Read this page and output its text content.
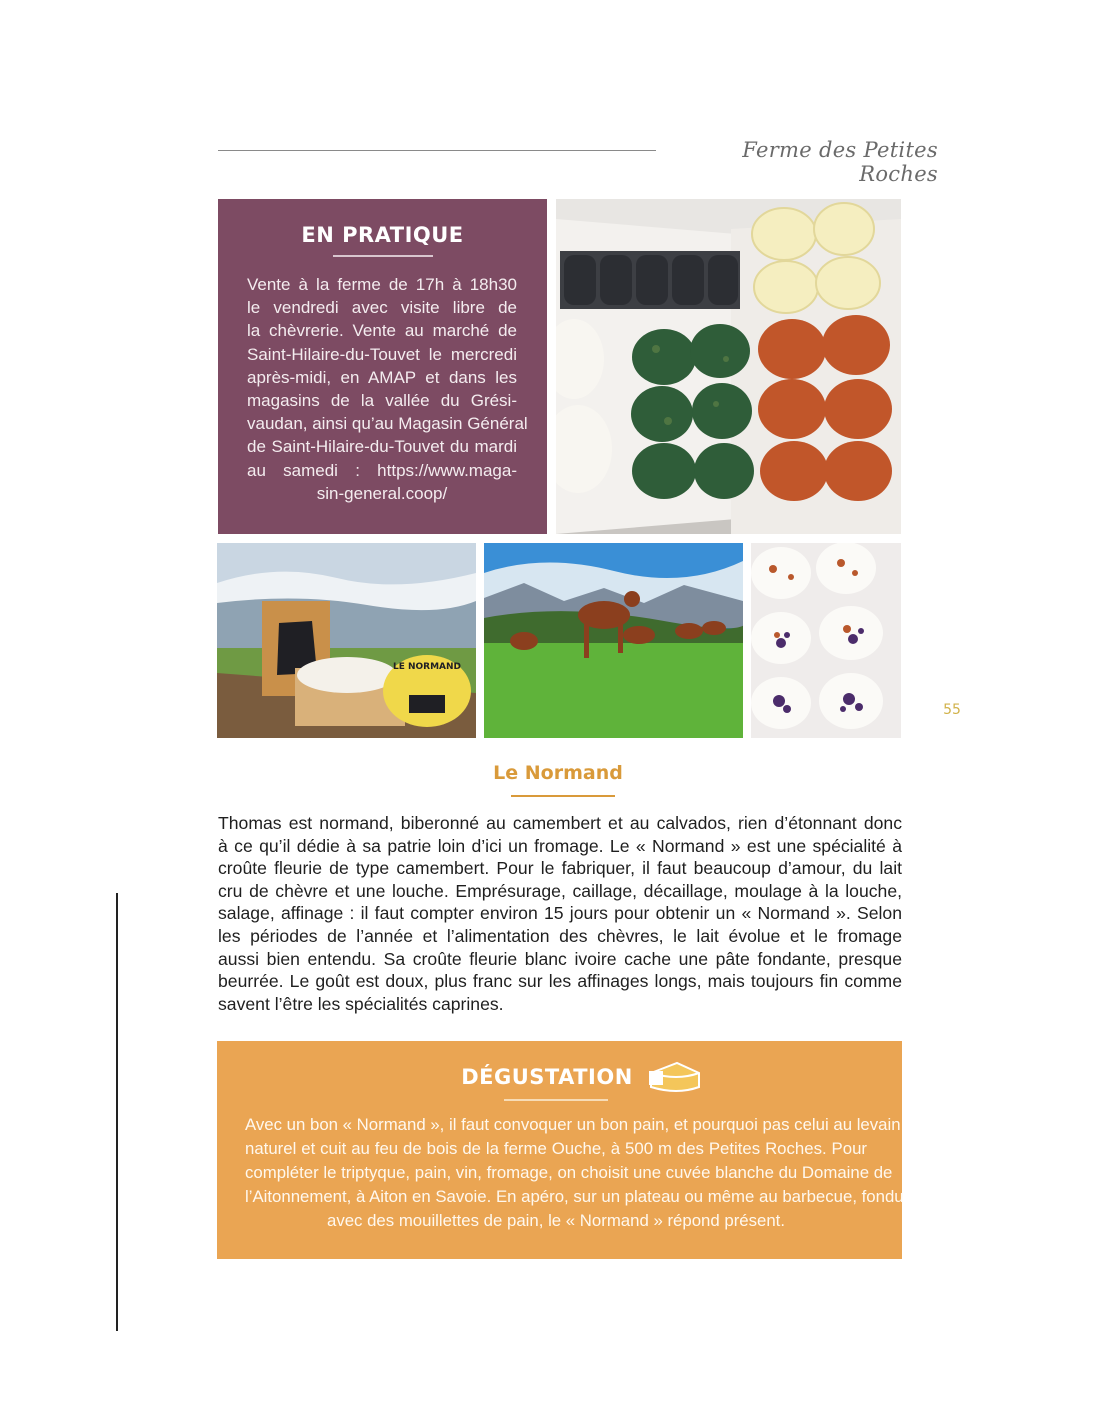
Ferme des Petites Roches
EN PRATIQUE

Vente à la ferme de 17h à 18h30
le vendredi avec visite libre de
la chèvrerie. Vente au marché de
Saint-Hilaire-du-Touvet le mercredi
après-midi, en AMAP et dans les
magasins de la vallée du Grési-
vaudan, ainsi qu’au Magasin Général
de Saint-Hilaire-du-Touvet du mardi
au samedi : https://www.maga-
sin-general.coop/

LE NORMAND
55
Le Normand

Thomas est normand, biberonné au camembert et au calvados, rien d’étonnant donc
à ce qu’il dédie à sa patrie loin d’ici un fromage. Le « Normand » est une spécialité à
croûte fleurie de type camembert. Pour le fabriquer, il faut beaucoup d’amour, du lait
cru de chèvre et une louche. Emprésurage, caillage, décaillage, moulage à la louche,
salage, affinage : il faut compter environ 15 jours pour obtenir un « Normand ». Selon
les périodes de l’année et l’alimentation des chèvres, le lait évolue et le fromage
aussi bien entendu. Sa croûte fleurie blanc ivoire cache une pâte fondante, presque
beurrée. Le goût est doux, plus franc sur les affinages longs, mais toujours fin comme
savent l’être les spécialités caprines.

DÉGUSTATION

Avec un bon « Normand », il faut convoquer un bon pain, et pourquoi pas celui au levain
naturel et cuit au feu de bois de la ferme Ouche, à 500 m des Petites Roches. Pour
compléter le triptyque, pain, vin, fromage, on choisit une cuvée blanche du Domaine de
l’Aitonnement, à Aiton en Savoie. En apéro, sur un plateau ou même au barbecue, fondu
avec des mouillettes de pain, le « Normand » répond présent.
